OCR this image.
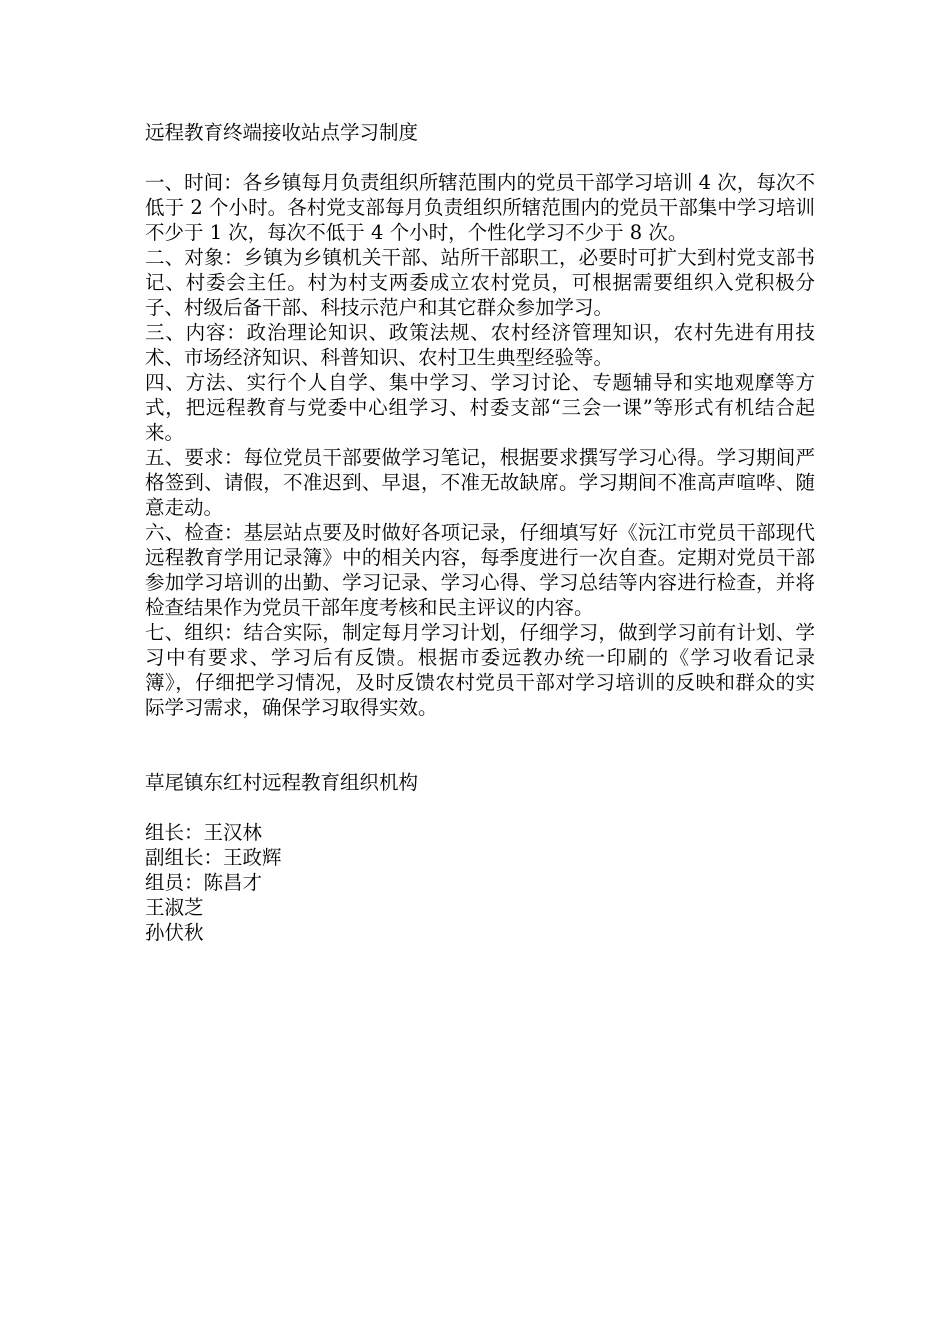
远程教育终端接收站点学习制度

一、时间：各乡镇每月负责组织所辖范围内的党员干部学习培训 4 次，每次不低于 2 个小时。各村党支部每月负责组织所辖范围内的党员干部集中学习培训不少于 1 次，每次不低于 4 个小时，个性化学习不少于 8 次。

二、对象：乡镇为乡镇机关干部、站所干部职工，必要时可扩大到村党支部书记、村委会主任。村为村支两委成立农村党员，可根据需要组织入党积极分子、村级后备干部、科技示范户和其它群众参加学习。

三、内容：政治理论知识、政策法规、农村经济管理知识，农村先进有用技术、市场经济知识、科普知识、农村卫生典型经验等。

四、方法、实行个人自学、集中学习、学习讨论、专题辅导和实地观摩等方式，把远程教育与党委中心组学习、村委支部“三会一课”等形式有机结合起来。

五、要求：每位党员干部要做学习笔记，根据要求撰写学习心得。学习期间严格签到、请假，不准迟到、早退，不准无故缺席。学习期间不准高声喧哗、随意走动。

六、检查：基层站点要及时做好各项记录，仔细填写好《沅江市党员干部现代远程教育学用记录簿》中的相关内容，每季度进行一次自查。定期对党员干部参加学习培训的出勤、学习记录、学习心得、学习总结等内容进行检查，并将检查结果作为党员干部年度考核和民主评议的内容。

七、组织：结合实际，制定每月学习计划，仔细学习，做到学习前有计划、学习中有要求、学习后有反馈。根据市委远教办统一印刷的《学习收看记录簿》，仔细把学习情况，及时反馈农村党员干部对学习培训的反映和群众的实际学习需求，确保学习取得实效。

草尾镇东红村远程教育组织机构

组长：王汉林

副组长：王政辉

组员：陈昌才

王淑芝

孙伏秋
